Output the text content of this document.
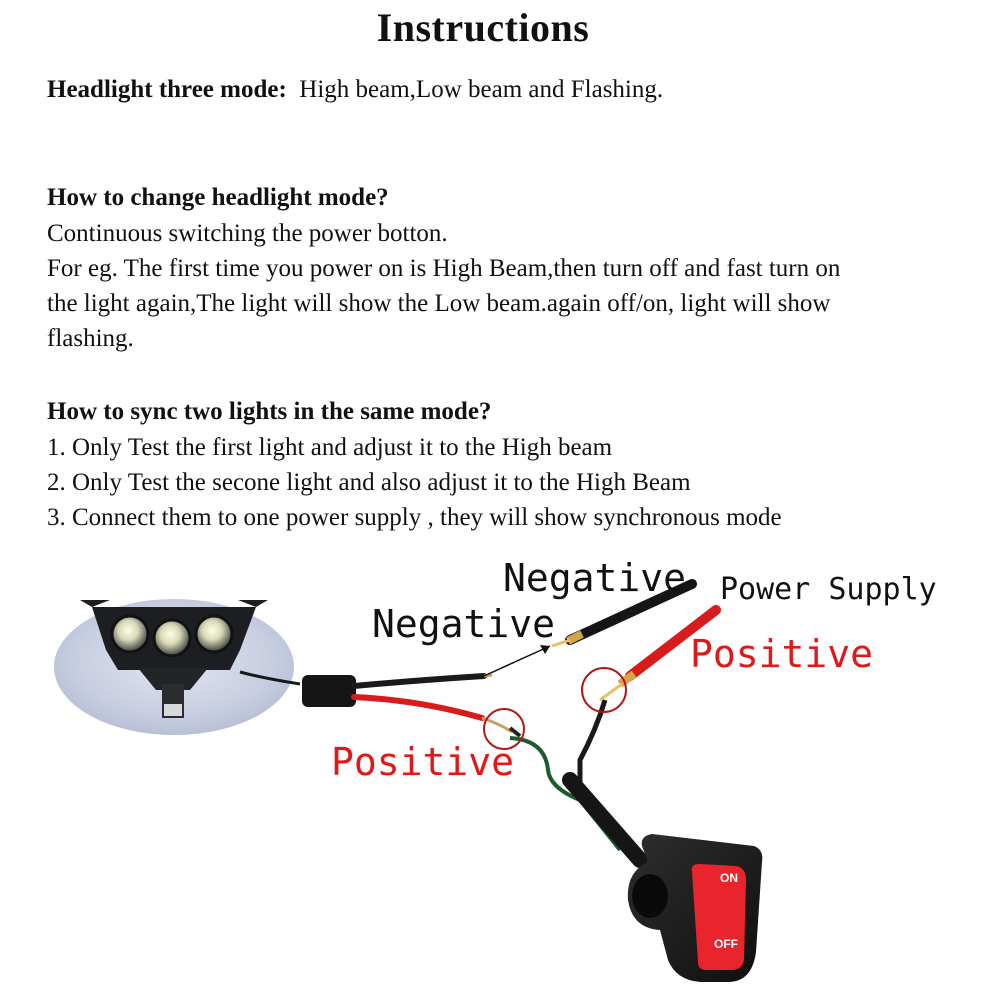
Instructions
Headlight three mode: High beam,Low beam and Flashing.
How to change headlight mode?
Continuous switching the power botton.
For eg. The first time you power on is High Beam,then turn off and fast turn on
the light again,The light will show the Low beam.again off/on, light will show
flashing.
How to sync two lights in the same mode?
1. Only Test the first light and adjust it to the High beam
2. Only Test the secone light and also adjust it to the High Beam
3. Connect them to one power supply , they will show synchronous mode
ON
OFF
Negative Power Supply
Negative
Positive
Positive
